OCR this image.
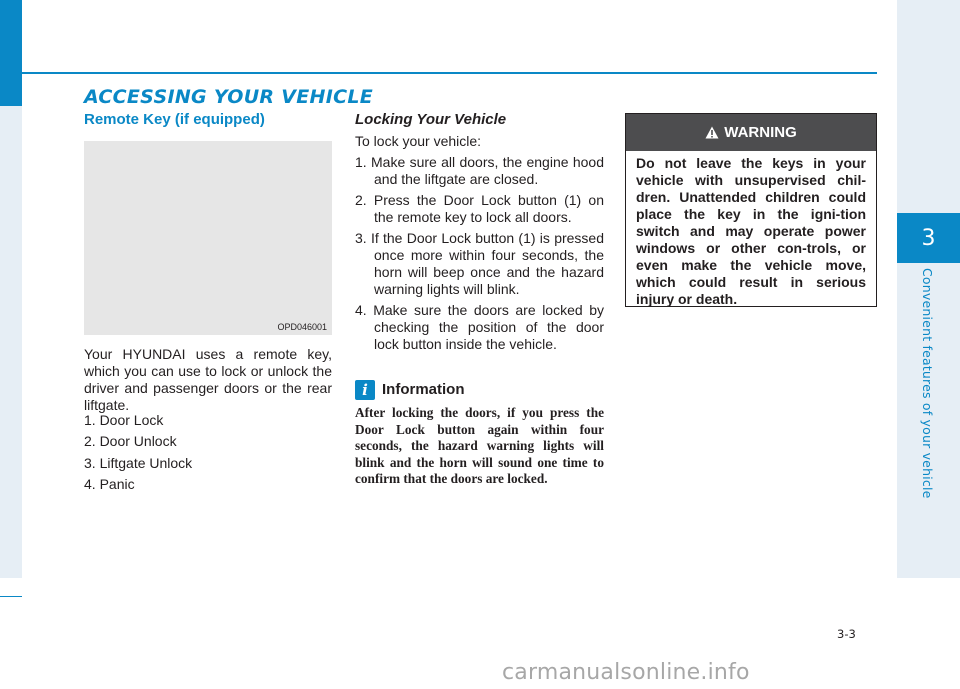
3
Convenient features of your vehicle
ACCESSING YOUR VEHICLE
Remote Key (if equipped)
OPD046001

Your HYUNDAI uses a remote key, which you can use to lock or unlock the driver and passenger doors or the rear liftgate.

1. Door Lock
2. Door Unlock
3. Liftgate Unlock
4. Panic
Locking Your Vehicle

To lock your vehicle:

1. Make sure all doors, the engine hood and the liftgate are closed.
2. Press the Door Lock button (1) on the remote key to lock all doors.
3. If the Door Lock button (1) is pressed once more within four seconds, the horn will beep once and the hazard warning lights will blink.
4. Make sure the doors are locked by checking the position of the door lock button inside the vehicle.
i Information

After locking the doors, if you press the Door Lock button again within four seconds, the hazard warning lights will blink and the horn will sound one time to confirm that the doors are locked.

WARNING

Do not leave the keys in your vehicle with unsupervised chil-dren. Unattended children could place the key in the igni-tion switch and may operate power windows or other con-trols, or even make the vehicle move, which could result in serious injury or death.

3-3
carmanualsonline.info
